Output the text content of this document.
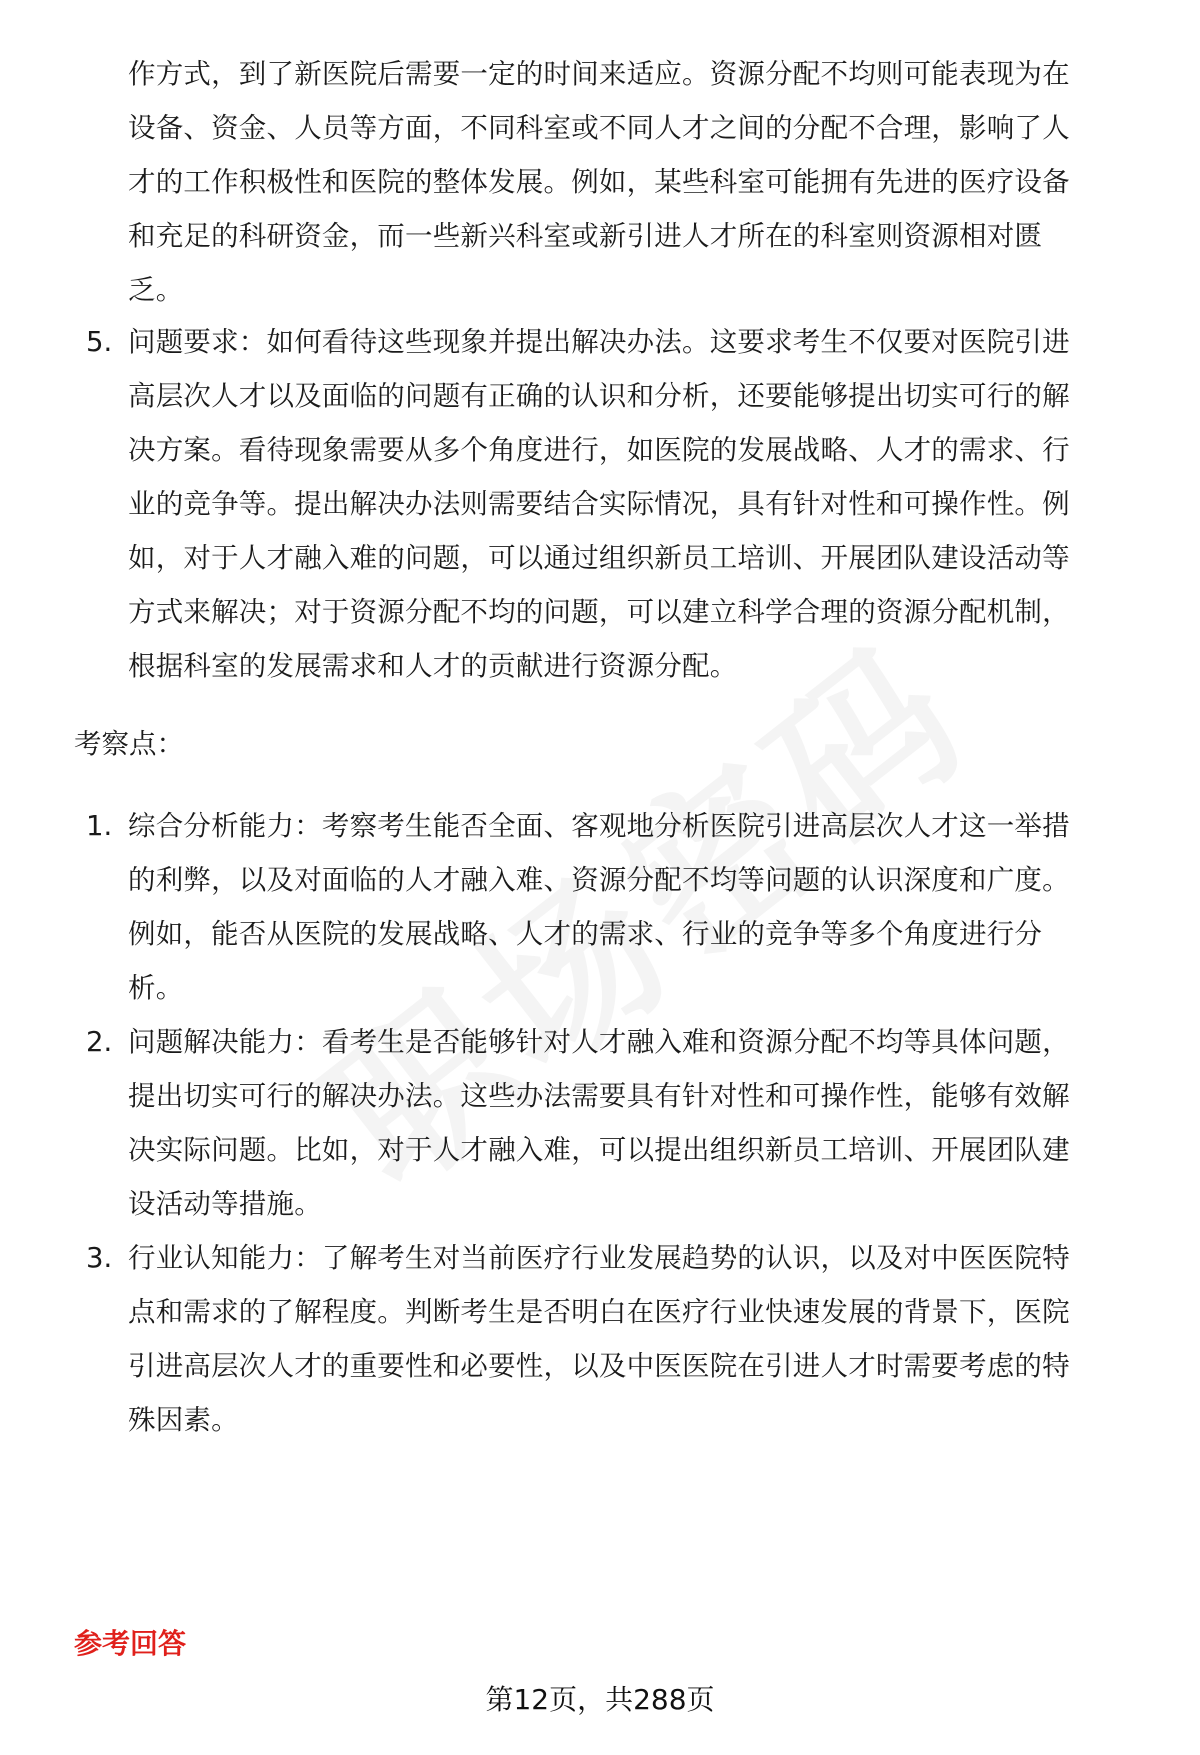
作方式，到了新医院后需要一定的时间来适应。资源分配不均则可能表现为在
设备、资金、人员等方面，不同科室或不同人才之间的分配不合理，影响了人
才的工作积极性和医院的整体发展。例如，某些科室可能拥有先进的医疗设备
和充足的科研资金，而一些新兴科室或新引进人才所在的科室则资源相对匮
乏。
5. 问题要求：如何看待这些现象并提出解决办法。这要求考生不仅要对医院引进
高层次人才以及面临的问题有正确的认识和分析，还要能够提出切实可行的解
决方案。看待现象需要从多个角度进行，如医院的发展战略、人才的需求、行
业的竞争等。提出解决办法则需要结合实际情况，具有针对性和可操作性。例
如，对于人才融入难的问题，可以通过组织新员工培训、开展团队建设活动等
方式来解决；对于资源分配不均的问题，可以建立科学合理的资源分配机制，
根据科室的发展需求和人才的贡献进行资源分配。
考察点：
1. 综合分析能力：考察考生能否全面、客观地分析医院引进高层次人才这一举措
的利弊，以及对面临的人才融入难、资源分配不均等问题的认识深度和广度。
例如，能否从医院的发展战略、人才的需求、行业的竞争等多个角度进行分
析。
2. 问题解决能力：看考生是否能够针对人才融入难和资源分配不均等具体问题，
提出切实可行的解决办法。这些办法需要具有针对性和可操作性，能够有效解
决实际问题。比如，对于人才融入难，可以提出组织新员工培训、开展团队建
设活动等措施。
3. 行业认知能力：了解考生对当前医疗行业发展趋势的认识，以及对中医医院特
点和需求的了解程度。判断考生是否明白在医疗行业快速发展的背景下，医院
引进高层次人才的重要性和必要性，以及中医医院在引进人才时需要考虑的特
殊因素。
参考回答
第12页，共288页
